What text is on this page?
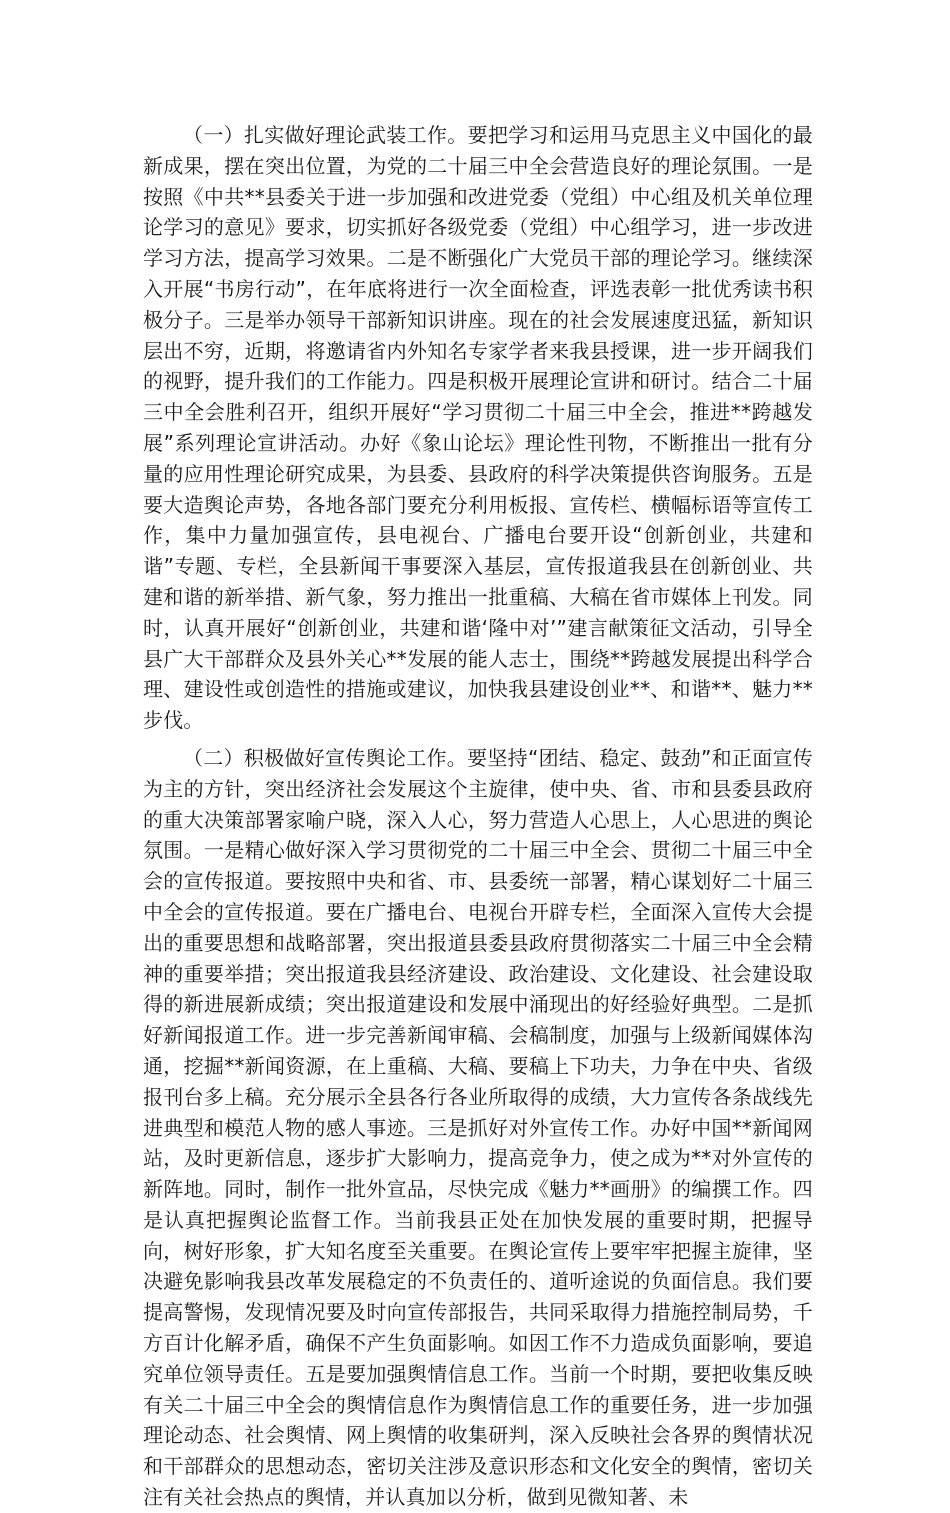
（一）扎实做好理论武装工作。要把学习和运用马克思主义中国化的最新成果，摆在突出位置，为党的二十届三中全会营造良好的理论氛围。一是按照《中共**县委关于进一步加强和改进党委（党组）中心组及机关单位理论学习的意见》要求，切实抓好各级党委（党组）中心组学习，进一步改进学习方法，提高学习效果。二是不断强化广大党员干部的理论学习。继续深入开展“书房行动”，在年底将进行一次全面检查，评选表彰一批优秀读书积极分子。三是举办领导干部新知识讲座。现在的社会发展速度迅猛，新知识层出不穷，近期，将邀请省内外知名专家学者来我县授课，进一步开阔我们的视野，提升我们的工作能力。四是积极开展理论宣讲和研讨。结合二十届三中全会胜利召开，组织开展好“学习贯彻二十届三中全会，推进**跨越发展”系列理论宣讲活动。办好《象山论坛》理论性刊物，不断推出一批有分量的应用性理论研究成果，为县委、县政府的科学决策提供咨询服务。五是要大造舆论声势，各地各部门要充分利用板报、宣传栏、横幅标语等宣传工作，集中力量加强宣传，县电视台、广播电台要开设“创新创业，共建和谐”专题、专栏，全县新闻干事要深入基层，宣传报道我县在创新创业、共建和谐的新举措、新气象，努力推出一批重稿、大稿在省市媒体上刊发。同时，认真开展好“创新创业，共建和谐‘隆中对’”建言献策征文活动，引导全县广大干部群众及县外关心**发展的能人志士，围绕**跨越发展提出科学合理、建设性或创造性的措施或建议，加快我县建设创业**、和谐**、魅力**步伐。

（二）积极做好宣传舆论工作。要坚持“团结、稳定、鼓劲”和正面宣传为主的方针，突出经济社会发展这个主旋律，使中央、省、市和县委县政府的重大决策部署家喻户晓，深入人心，努力营造人心思上，人心思进的舆论氛围。一是精心做好深入学习贯彻党的二十届三中全会、贯彻二十届三中全会的宣传报道。要按照中央和省、市、县委统一部署，精心谋划好二十届三中全会的宣传报道。要在广播电台、电视台开辟专栏，全面深入宣传大会提出的重要思想和战略部署，突出报道县委县政府贯彻落实二十届三中全会精神的重要举措；突出报道我县经济建设、政治建设、文化建设、社会建设取得的新进展新成绩；突出报道建设和发展中涌现出的好经验好典型。二是抓好新闻报道工作。进一步完善新闻审稿、会稿制度，加强与上级新闻媒体沟通，挖掘**新闻资源，在上重稿、大稿、要稿上下功夫，力争在中央、省级报刊台多上稿。充分展示全县各行各业所取得的成绩，大力宣传各条战线先进典型和模范人物的感人事迹。三是抓好对外宣传工作。办好中国**新闻网站，及时更新信息，逐步扩大影响力，提高竞争力，使之成为**对外宣传的新阵地。同时，制作一批外宣品，尽快完成《魅力**画册》的编撰工作。四是认真把握舆论监督工作。当前我县正处在加快发展的重要时期，把握导向，树好形象，扩大知名度至关重要。在舆论宣传上要牢牢把握主旋律，坚决避免影响我县改革发展稳定的不负责任的、道听途说的负面信息。我们要提高警惕，发现情况要及时向宣传部报告，共同采取得力措施控制局势，千方百计化解矛盾，确保不产生负面影响。如因工作不力造成负面影响，要追究单位领导责任。五是要加强舆情信息工作。当前一个时期，要把收集反映有关二十届三中全会的舆情信息作为舆情信息工作的重要任务，进一步加强理论动态、社会舆情、网上舆情的收集研判，深入反映社会各界的舆情状况和干部群众的思想动态，密切关注涉及意识形态和文化安全的舆情，密切关注有关社会热点的舆情，并认真加以分析，做到见微知著、未
